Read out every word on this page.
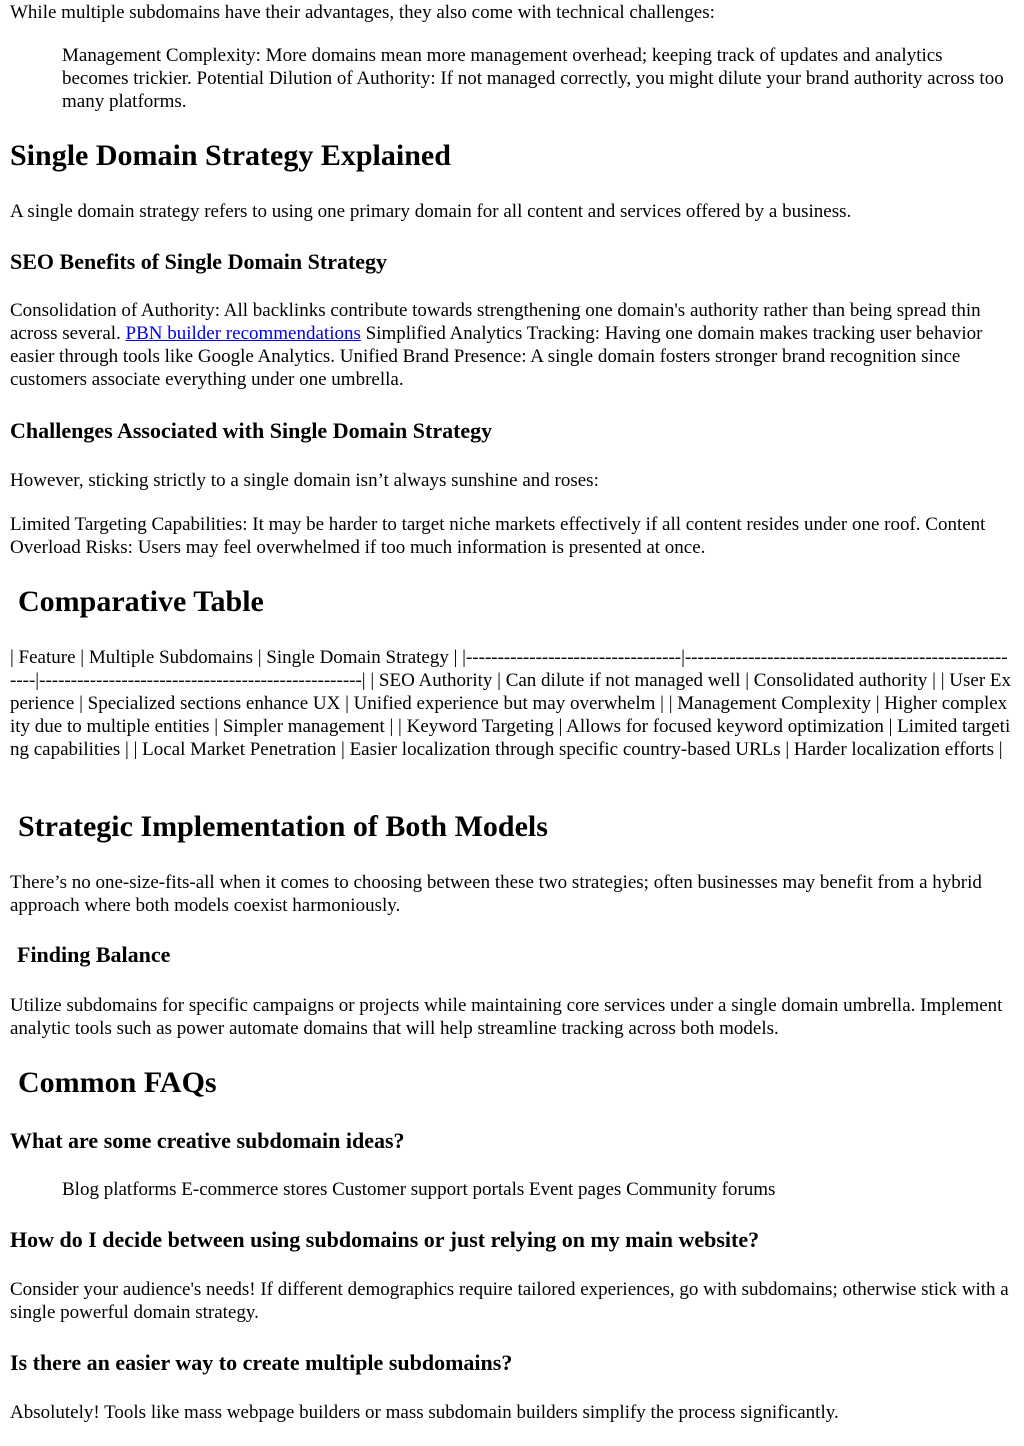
While multiple subdomains have their advantages, they also come with technical challenges:

Management Complexity: More domains mean more management overhead; keeping track of updates and analytics becomes trickier. Potential Dilution of Authority: If not managed correctly, you might dilute your brand authority across too many platforms.

Single Domain Strategy Explained

A single domain strategy refers to using one primary domain for all content and services offered by a business.

SEO Benefits of Single Domain Strategy

Consolidation of Authority: All backlinks contribute towards strengthening one domain's authority rather than being spread thin across several. PBN builder recommendations Simplified Analytics Tracking: Having one domain makes tracking user behavior easier through tools like Google Analytics. Unified Brand Presence: A single domain fosters stronger brand recognition since customers associate everything under one umbrella.

Challenges Associated with Single Domain Strategy

However, sticking strictly to a single domain isn’t always sunshine and roses:

Limited Targeting Capabilities: It may be harder to target niche markets effectively if all content resides under one roof. Content Overload Risks: Users may feel overwhelmed if too much information is presented at once.

Comparative Table

| Feature | Multiple Subdomains | Single Domain Strategy | |----------------------------------|-------------------------------------------------------|---------------------------------------------------| | SEO Authority | Can dilute if not managed well | Consolidated authority | | User Experience | Specialized sections enhance UX | Unified experience but may overwhelm | | Management Complexity | Higher complexity due to multiple entities | Simpler management | | Keyword Targeting | Allows for focused keyword optimization | Limited targeting capabilities | | Local Market Penetration | Easier localization through specific country-based URLs | Harder localization efforts |

Strategic Implementation of Both Models

There’s no one-size-fits-all when it comes to choosing between these two strategies; often businesses may benefit from a hybrid approach where both models coexist harmoniously.

Finding Balance

Utilize subdomains for specific campaigns or projects while maintaining core services under a single domain umbrella. Implement analytic tools such as power automate domains that will help streamline tracking across both models.

Common FAQs
What are some creative subdomain ideas?

Blog platforms E-commerce stores Customer support portals Event pages Community forums

How do I decide between using subdomains or just relying on my main website?

Consider your audience's needs! If different demographics require tailored experiences, go with subdomains; otherwise stick with a single powerful domain strategy.

Is there an easier way to create multiple subdomains?

Absolutely! Tools like mass webpage builders or mass subdomain builders simplify the process significantly.
